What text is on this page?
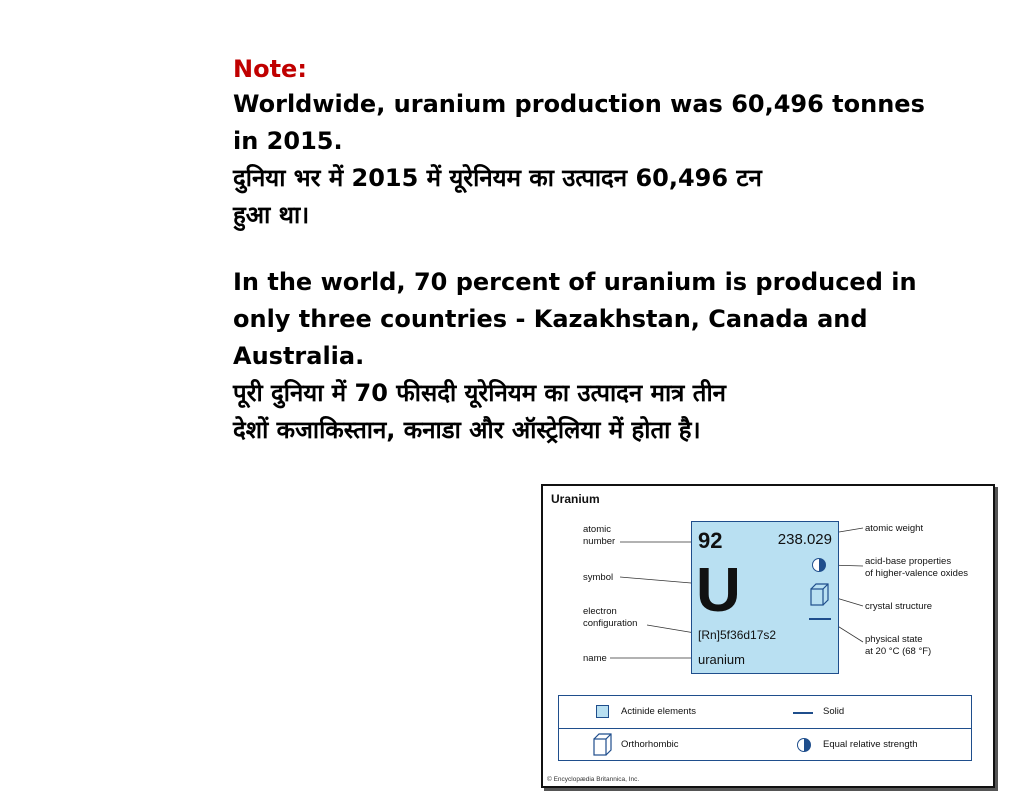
Note:
Worldwide, uranium production was 60,496 tonnes
in 2015.
दुनिया भर में 2015 में यूरेनियम का उत्पादन 60,496 टन
हुआ था।
In the world, 70 percent of uranium is produced in
only three countries - Kazakhstan, Canada and
Australia.
पूरी दुनिया में 70 फीसदी यूरेनियम का उत्पादन मात्र तीन
देशों कजाकिस्तान, कनाडा और ऑस्ट्रेलिया में होता है।
Uranium
atomic
number
symbol
electron
configuration
name
92	238.029
U
[Rn]5f36d17s2
uranium
atomic weight
acid-base properties
of higher-valence oxides
crystal structure
physical state
at 20 °C (68 °F)
Actinide elements	Solid
Orthorhombic	Equal relative strength
© Encyclopædia Britannica, Inc.
